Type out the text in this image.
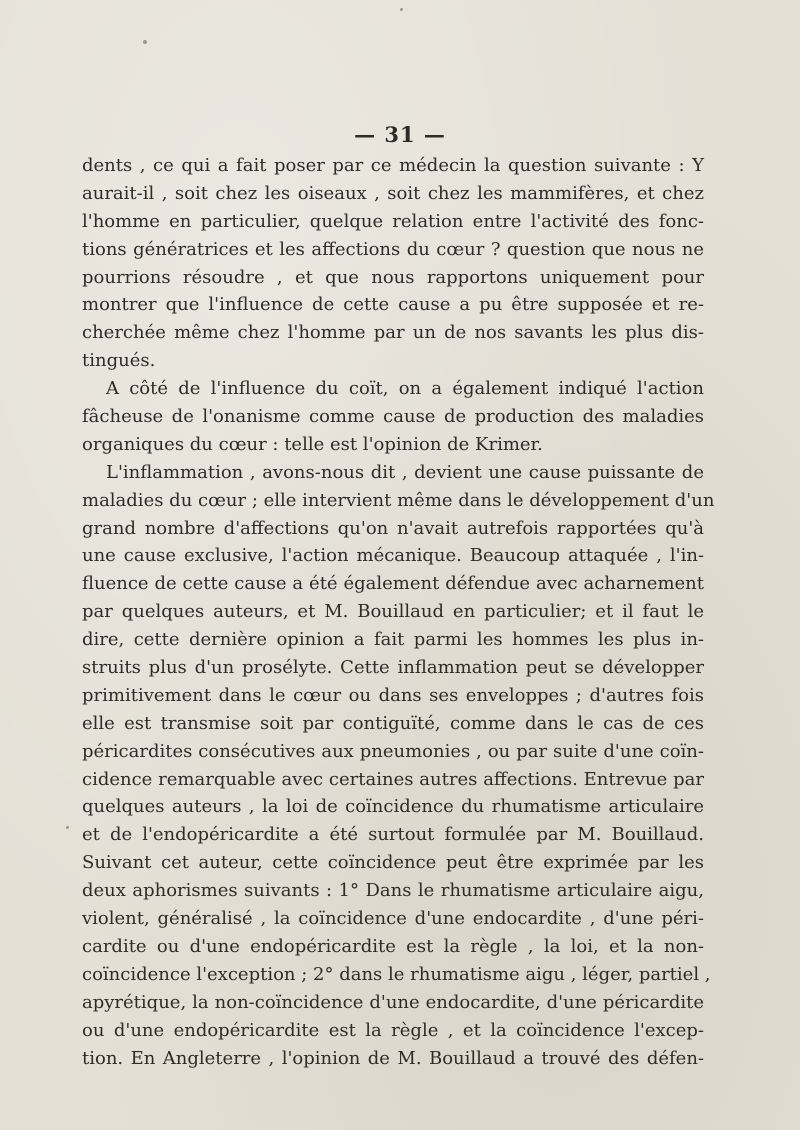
— 31 —
dents , ce qui a fait poser par ce médecin la question suivante : Y
aurait-il , soit chez les oiseaux , soit chez les mammifères, et chez
l'homme en particulier, quelque relation entre l'activité des fonc-
tions génératrices et les affections du cœur ? question que nous ne
pourrions résoudre , et que nous rapportons uniquement pour
montrer que l'influence de cette cause a pu être supposée et re-
cherchée même chez l'homme par un de nos savants les plus dis-
tingués.
A côté de l'influence du coït, on a également indiqué l'action
fâcheuse de l'onanisme comme cause de production des maladies
organiques du cœur : telle est l'opinion de Krimer.
L'inflammation , avons-nous dit , devient une cause puissante de
maladies du cœur ; elle intervient même dans le développement d'un
grand nombre d'affections qu'on n'avait autrefois rapportées qu'à
une cause exclusive, l'action mécanique. Beaucoup attaquée , l'in-
fluence de cette cause a été également défendue avec acharnement
par quelques auteurs, et M. Bouillaud en particulier; et il faut le
dire, cette dernière opinion a fait parmi les hommes les plus in-
struits plus d'un prosélyte. Cette inflammation peut se développer
primitivement dans le cœur ou dans ses enveloppes ; d'autres fois
elle est transmise soit par contiguïté, comme dans le cas de ces
péricardites consécutives aux pneumonies , ou par suite d'une coïn-
cidence remarquable avec certaines autres affections. Entrevue par
quelques auteurs , la loi de coïncidence du rhumatisme articulaire
et de l'endopéricardite a été surtout formulée par M. Bouillaud.
Suivant cet auteur, cette coïncidence peut être exprimée par les
deux aphorismes suivants : 1° Dans le rhumatisme articulaire aigu,
violent, généralisé , la coïncidence d'une endocardite , d'une péri-
cardite ou d'une endopéricardite est la règle , la loi, et la non-
coïncidence l'exception ; 2° dans le rhumatisme aigu , léger, partiel ,
apyrétique, la non-coïncidence d'une endocardite, d'une péricardite
ou d'une endopéricardite est la règle , et la coïncidence l'excep-
tion. En Angleterre , l'opinion de M. Bouillaud a trouvé des défen-
